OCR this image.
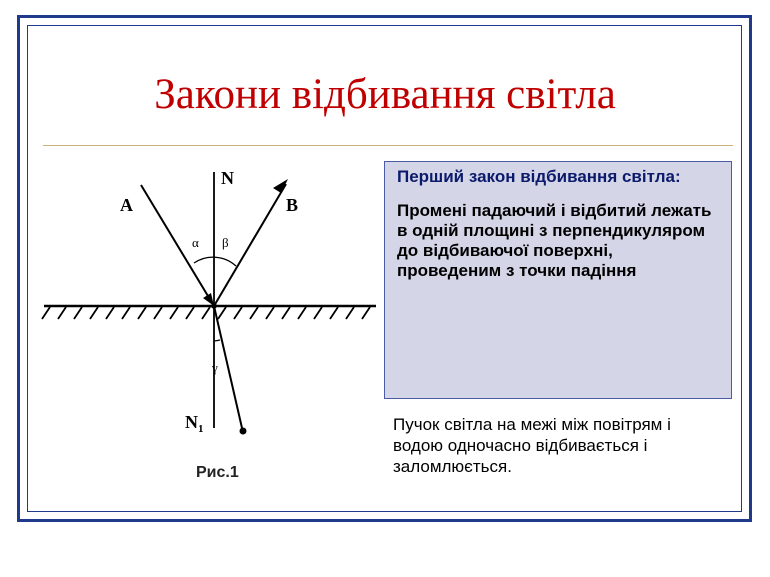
Закони відбивання світла
N
A	B
α β
γ
$N_1$
Рис.1

Перший закон відбивання світла:

Промені падаючий і відбитий лежать в одній площині з перпендикуляром до відбиваючої поверхні, проведеним з точки падіння

Пучок світла на межі між повітрям і водою одночасно відбивається і заломлюється.
